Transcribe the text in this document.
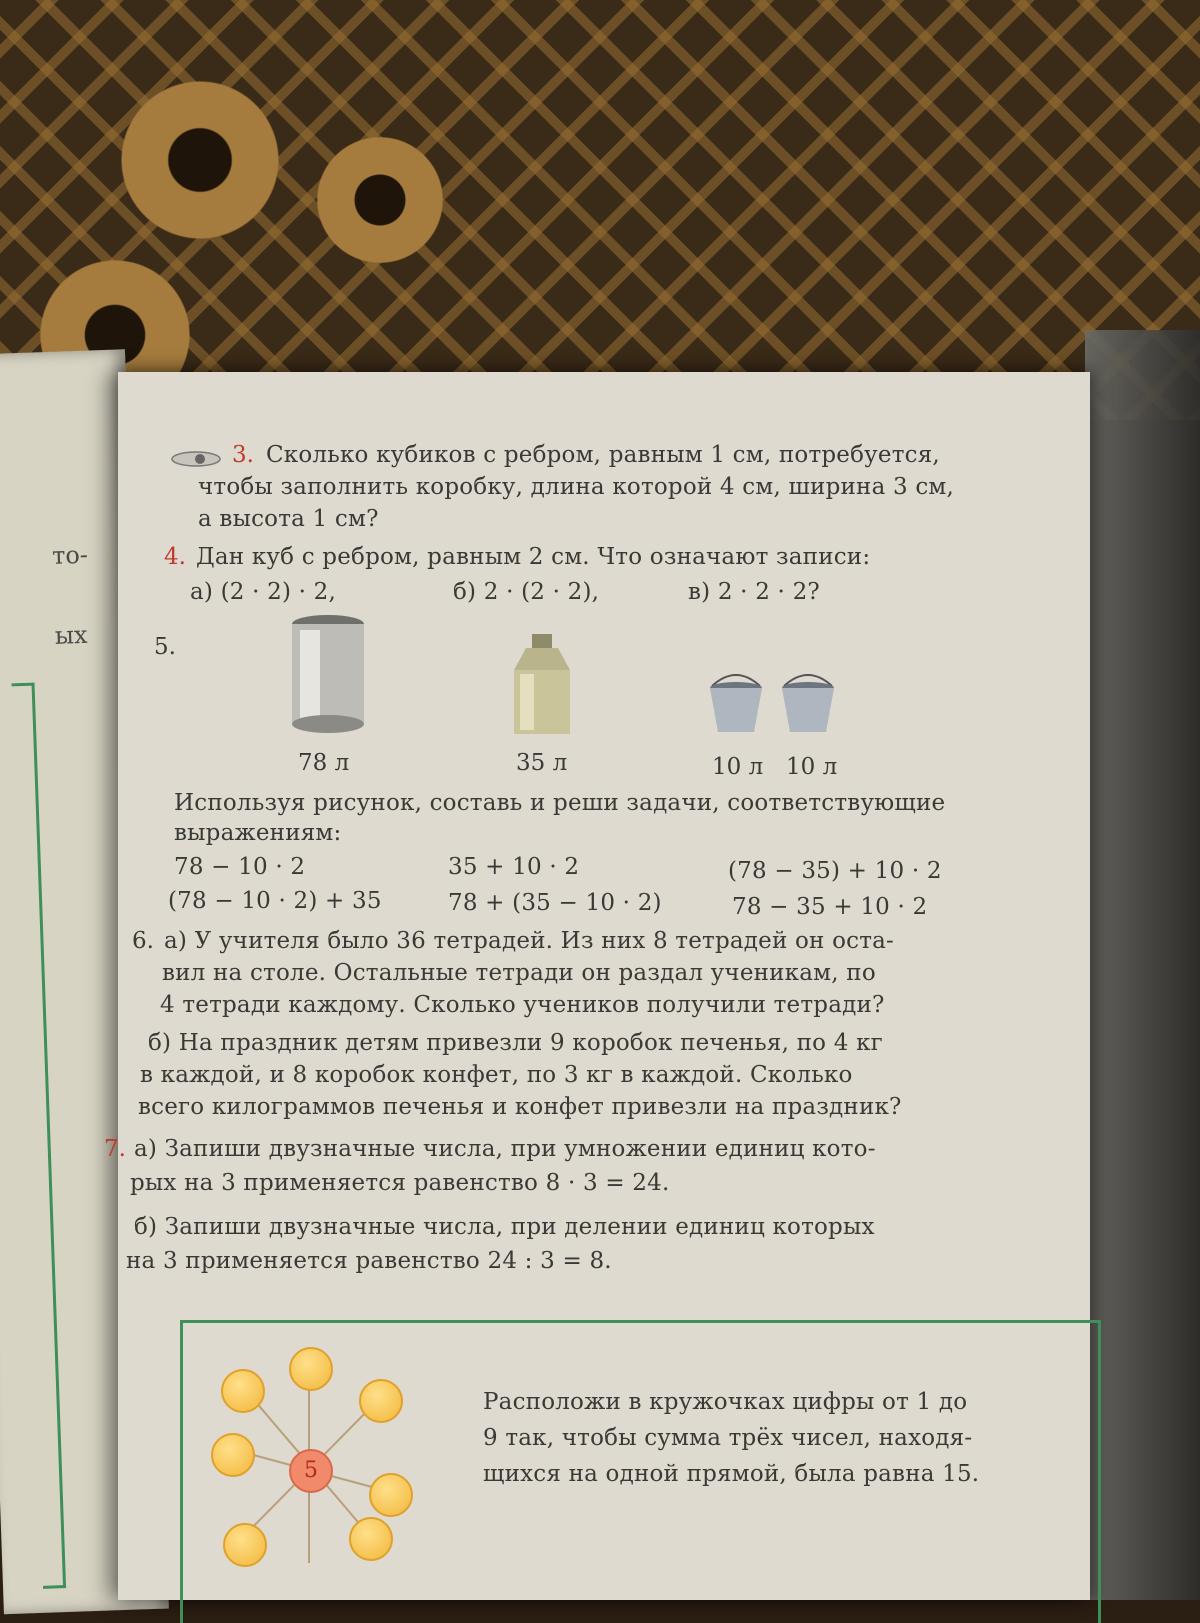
то-
ых
3. Сколько кубиков с ребром, равным 1 см, потребуется,
чтобы заполнить коробку, длина которой 4 см, ширина 3 см,
а высота 1 см?
4. Дан куб с ребром, равным 2 см. Что означают записи:
а) (2 · 2) · 2,	б) 2 · (2 · 2),	в) 2 · 2 · 2?
5.
78 л	35 л	10 л 10 л
Используя рисунок, составь и реши задачи, соответствующие
выражениям:
78 − 10 · 2	35 + 10 · 2	(78 − 35) + 10 · 2
(78 − 10 · 2) + 35	78 + (35 − 10 · 2)	78 − 35 + 10 · 2
6. а) У учителя было 36 тетрадей. Из них 8 тетрадей он оста-
вил на столе. Остальные тетради он раздал ученикам, по
4 тетради каждому. Сколько учеников получили тетради?
б) На праздник детям привезли 9 коробок печенья, по 4 кг
в каждой, и 8 коробок конфет, по 3 кг в каждой. Сколько
всего килограммов печенья и конфет привезли на праздник?
7. а) Запиши двузначные числа, при умножении единиц кото-
рых на 3 применяется равенство 8 · 3 = 24.
б) Запиши двузначные числа, при делении единиц которых
на 3 применяется равенство 24 : 3 = 8.
5
Расположи в кружочках цифры от 1 до
9 так, чтобы сумма трёх чисел, находя-
щихся на одной прямой, была равна 15.
